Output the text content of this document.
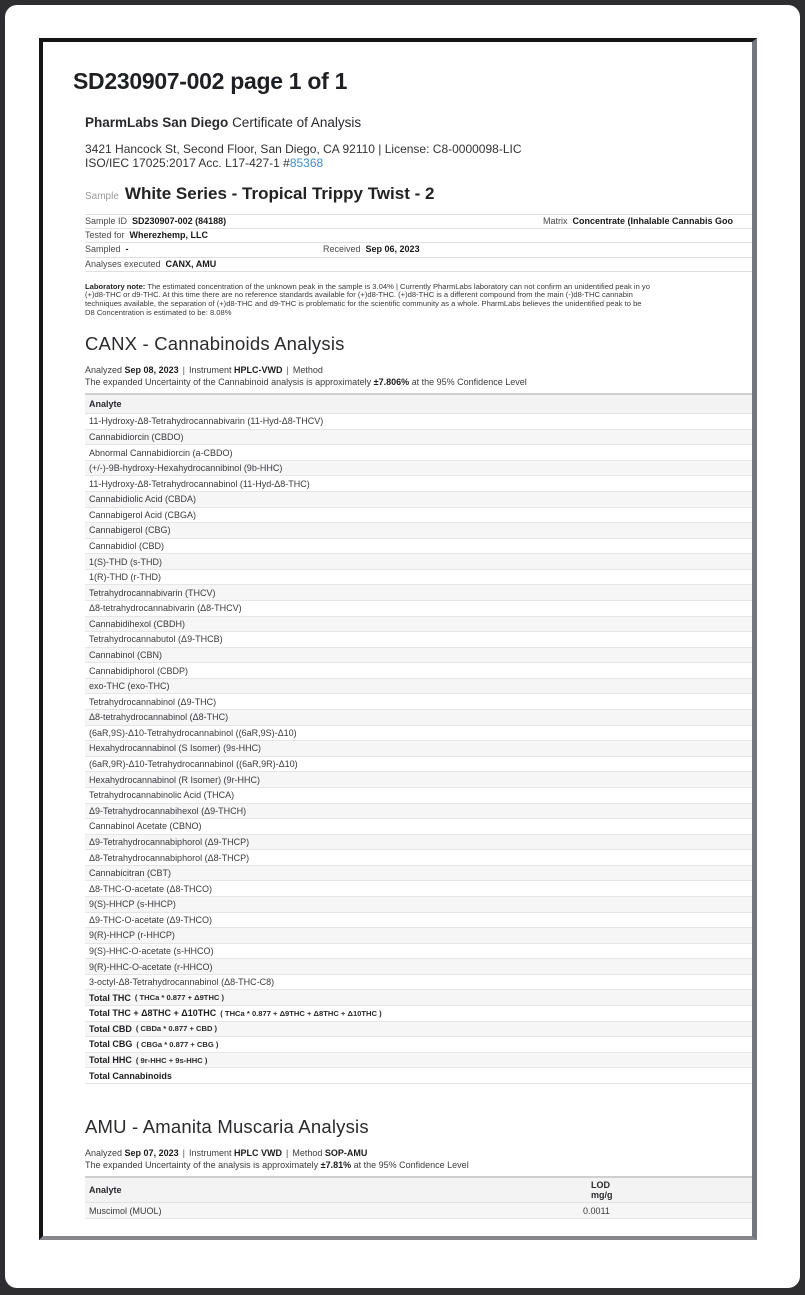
SD230907-002 page 1 of 1
PharmLabs San Diego Certificate of Analysis
3421 Hancock St, Second Floor, San Diego, CA 92110 | License: C8-0000098-LIC
ISO/IEC 17025:2017 Acc. L17-427-1 #85368
Sample White Series - Tropical Trippy Twist - 2
Sample ID SD230907-002 (84188)	Matrix Concentrate (Inhalable Cannabis Goo
Tested for Wherezhemp, LLC
Sampled -	Received Sep 06, 2023
Analyses executed CANX, AMU
Laboratory note: The estimated concentration of the unknown peak in the sample is 3.04% | Currently PharmLabs laboratory can not confirm an unidentified peak in yo
(+)d8-THC or d9-THC. At this time there are no reference standards available for (+)d8-THC. (+)d8-THC is a different compound from the main (-)d8-THC cannabin
techniques available, the separation of (+)d8-THC and d9-THC is problematic for the scientific community as a whole. PharmLabs believes the unidentified peak to be
D8 Concentration is estimated to be: 8.08%
CANX - Cannabinoids Analysis
Analyzed Sep 08, 2023 | Instrument HPLC-VWD | Method
The expanded Uncertainty of the Cannabinoid analysis is approximately ±7.806% at the 95% Confidence Level
Analyte
11-Hydroxy-Δ8-Tetrahydrocannabivarin (11-Hyd-Δ8-THCV)
Cannabidiorcin (CBDO)
Abnormal Cannabidiorcin (a-CBDO)
(+/-)-9B-hydroxy-Hexahydrocannibinol (9b-HHC)
11-Hydroxy-Δ8-Tetrahydrocannabinol (11-Hyd-Δ8-THC)
Cannabidiolic Acid (CBDA)
Cannabigerol Acid (CBGA)
Cannabigerol (CBG)
Cannabidiol (CBD)
1(S)-THD (s-THD)
1(R)-THD (r-THD)
Tetrahydrocannabivarin (THCV)
Δ8-tetrahydrocannabivarin (Δ8-THCV)
Cannabidihexol (CBDH)
Tetrahydrocannabutol (Δ9-THCB)
Cannabinol (CBN)
Cannabidiphorol (CBDP)
exo-THC (exo-THC)
Tetrahydrocannabinol (Δ9-THC)
Δ8-tetrahydrocannabinol (Δ8-THC)
(6aR,9S)-Δ10-Tetrahydrocannabinol ((6aR,9S)-Δ10)
Hexahydrocannabinol (S Isomer) (9s-HHC)
(6aR,9R)-Δ10-Tetrahydrocannabinol ((6aR,9R)-Δ10)
Hexahydrocannabinol (R Isomer) (9r-HHC)
Tetrahydrocannabinolic Acid (THCA)
Δ9-Tetrahydrocannabihexol (Δ9-THCH)
Cannabinol Acetate (CBNO)
Δ9-Tetrahydrocannabiphorol (Δ9-THCP)
Δ8-Tetrahydrocannabiphorol (Δ8-THCP)
Cannabicitran (CBT)
Δ8-THC-O-acetate (Δ8-THCO)
9(S)-HHCP (s-HHCP)
Δ9-THC-O-acetate (Δ9-THCO)
9(R)-HHCP (r-HHCP)
9(S)-HHC-O-acetate (s-HHCO)
9(R)-HHC-O-acetate (r-HHCO)
3-octyl-Δ8-Tetrahydrocannabinol (Δ8-THC-C8)
Total THC ( THCa * 0.877 + Δ9THC )
Total THC + Δ8THC + Δ10THC ( THCa * 0.877 + Δ9THC + Δ8THC + Δ10THC )
Total CBD ( CBDa * 0.877 + CBD )
Total CBG ( CBGa * 0.877 + CBG )
Total HHC ( 9r-HHC + 9s-HHC )
Total Cannabinoids
AMU - Amanita Muscaria Analysis
Analyzed Sep 07, 2023 | Instrument HPLC VWD | Method SOP-AMU
The expanded Uncertainty of the analysis is approximately ±7.81% at the 95% Confidence Level
Analyte	LOD
mg/g
Muscimol (MUOL)	0.0011
